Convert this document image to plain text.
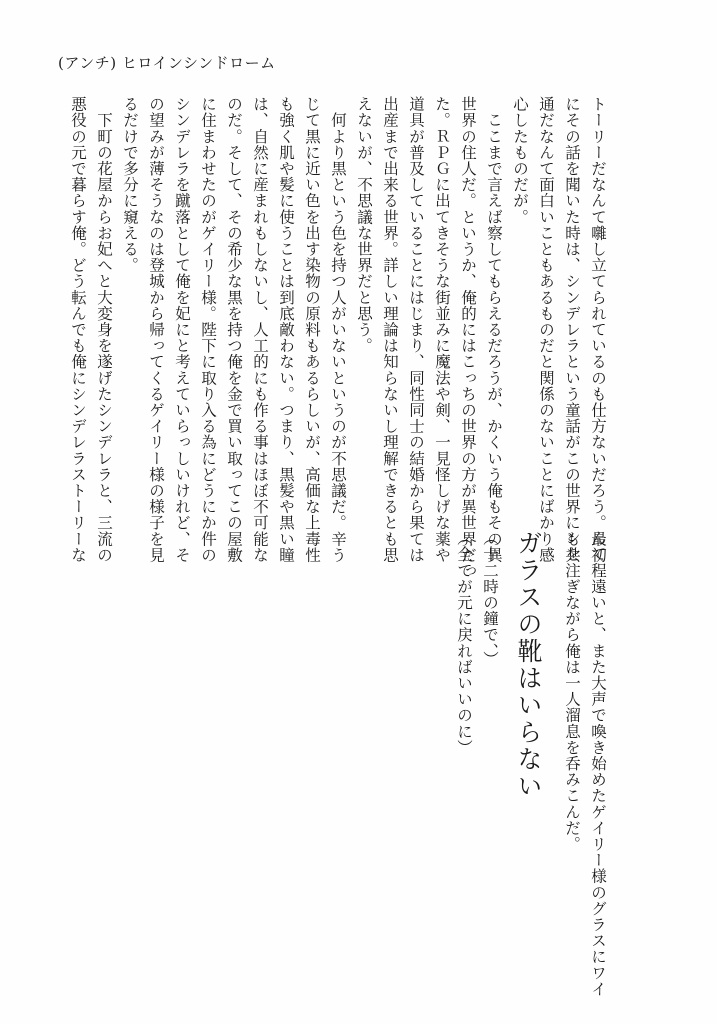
(アンチ) ヒロインシンドローム

トーリーだなんて囃し立てられているのも仕方ないだろう。最初

にその話を聞いた時は、シンデレラという童話がこの世界にも共

通だなんて面白いこともあるものだと関係のないことにばかり感

心したものだが。

　ここまで言えば察してもらえるだろうが、かくいう俺もその異

世界の住人だ。というか、俺的にはこっちの世界の方が異世界だっ

た。ＲＰＧに出てきそうな街並みに魔法や剣、一見怪しげな薬や

道具が普及していることにはじまり、同性同士の結婚から果ては

出産まで出来る世界。詳しい理論は知らないし理解できるとも思

えないが、不思議な世界だと思う。

　何より黒という色を持つ人がいないというのが不思議だ。辛う

じて黒に近い色を出す染物の原料もあるらしいが、高価な上毒性

も強く肌や髪に使うことは到底敵わない。つまり、黒髪や黒い瞳

は、自然に産まれもしないし、人工的にも作る事はほぼ不可能な

のだ。そして、その希少な黒を持つ俺を金で買い取ってこの屋敷

に住まわせたのがゲイリー様。陛下に取り入る為にどうにか件の

シンデレラを蹴落として俺を妃にと考えていらっしいけれど、そ

の望みが薄そうなのは登城から帰ってくるゲイリー様の様子を見

るだけで多分に窺える。

　下町の花屋からお妃へと大変身を遂げたシンデレラと、三流の

悪役の元で暮らす俺。どう転んでも俺にシンデレラストーリーな

んて程遠いと、また大声で喚き始めたゲイリー様のグラスにワイ

ンを注ぎながら俺は一人溜息を呑みこんだ。

ガラスの靴はいらない

（十二時の鐘で、）

（全てが元に戻ればいいのに）
